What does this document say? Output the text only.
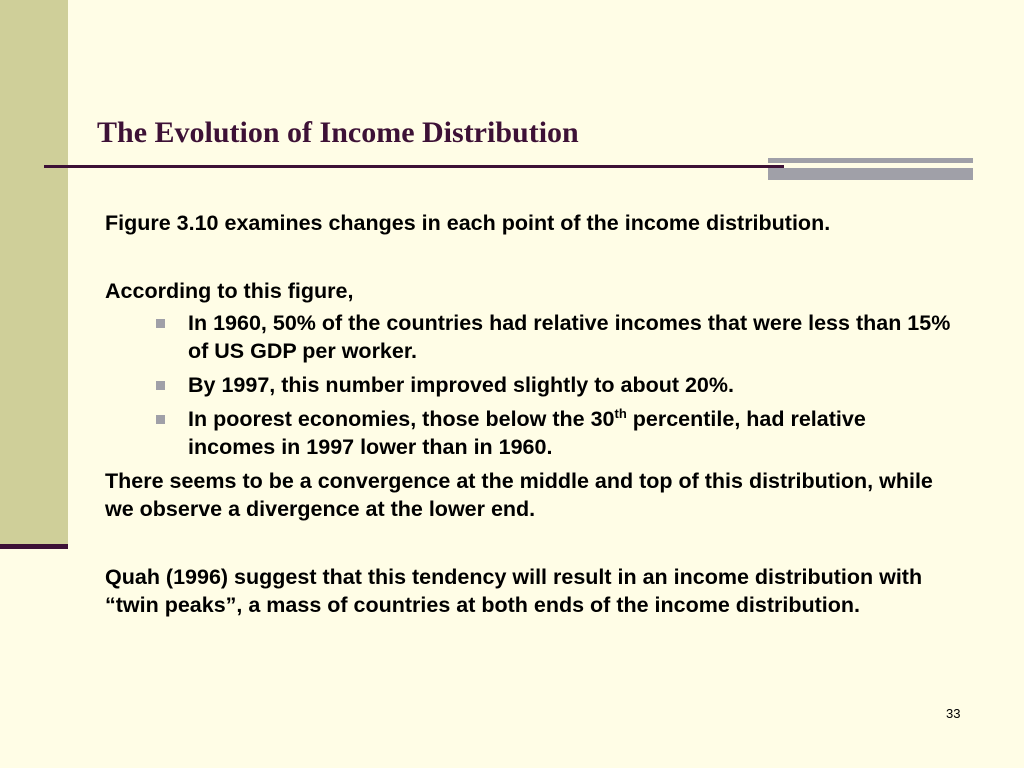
The Evolution of Income Distribution

Figure 3.10 examines changes in each point of the income distribution.

According to this figure,

In 1960, 50% of the countries had relative incomes that were less than 15% of US GDP per worker.
By 1997, this number improved slightly to about 20%.
In poorest economies, those below the 30th percentile, had relative incomes in 1997 lower than in 1960.

There seems to be a convergence at the middle and top of this distribution, while we observe a divergence at the lower end.

Quah (1996) suggest that this tendency will result in an income distribution with “twin peaks”, a mass of countries at both ends of the income distribution.

33
